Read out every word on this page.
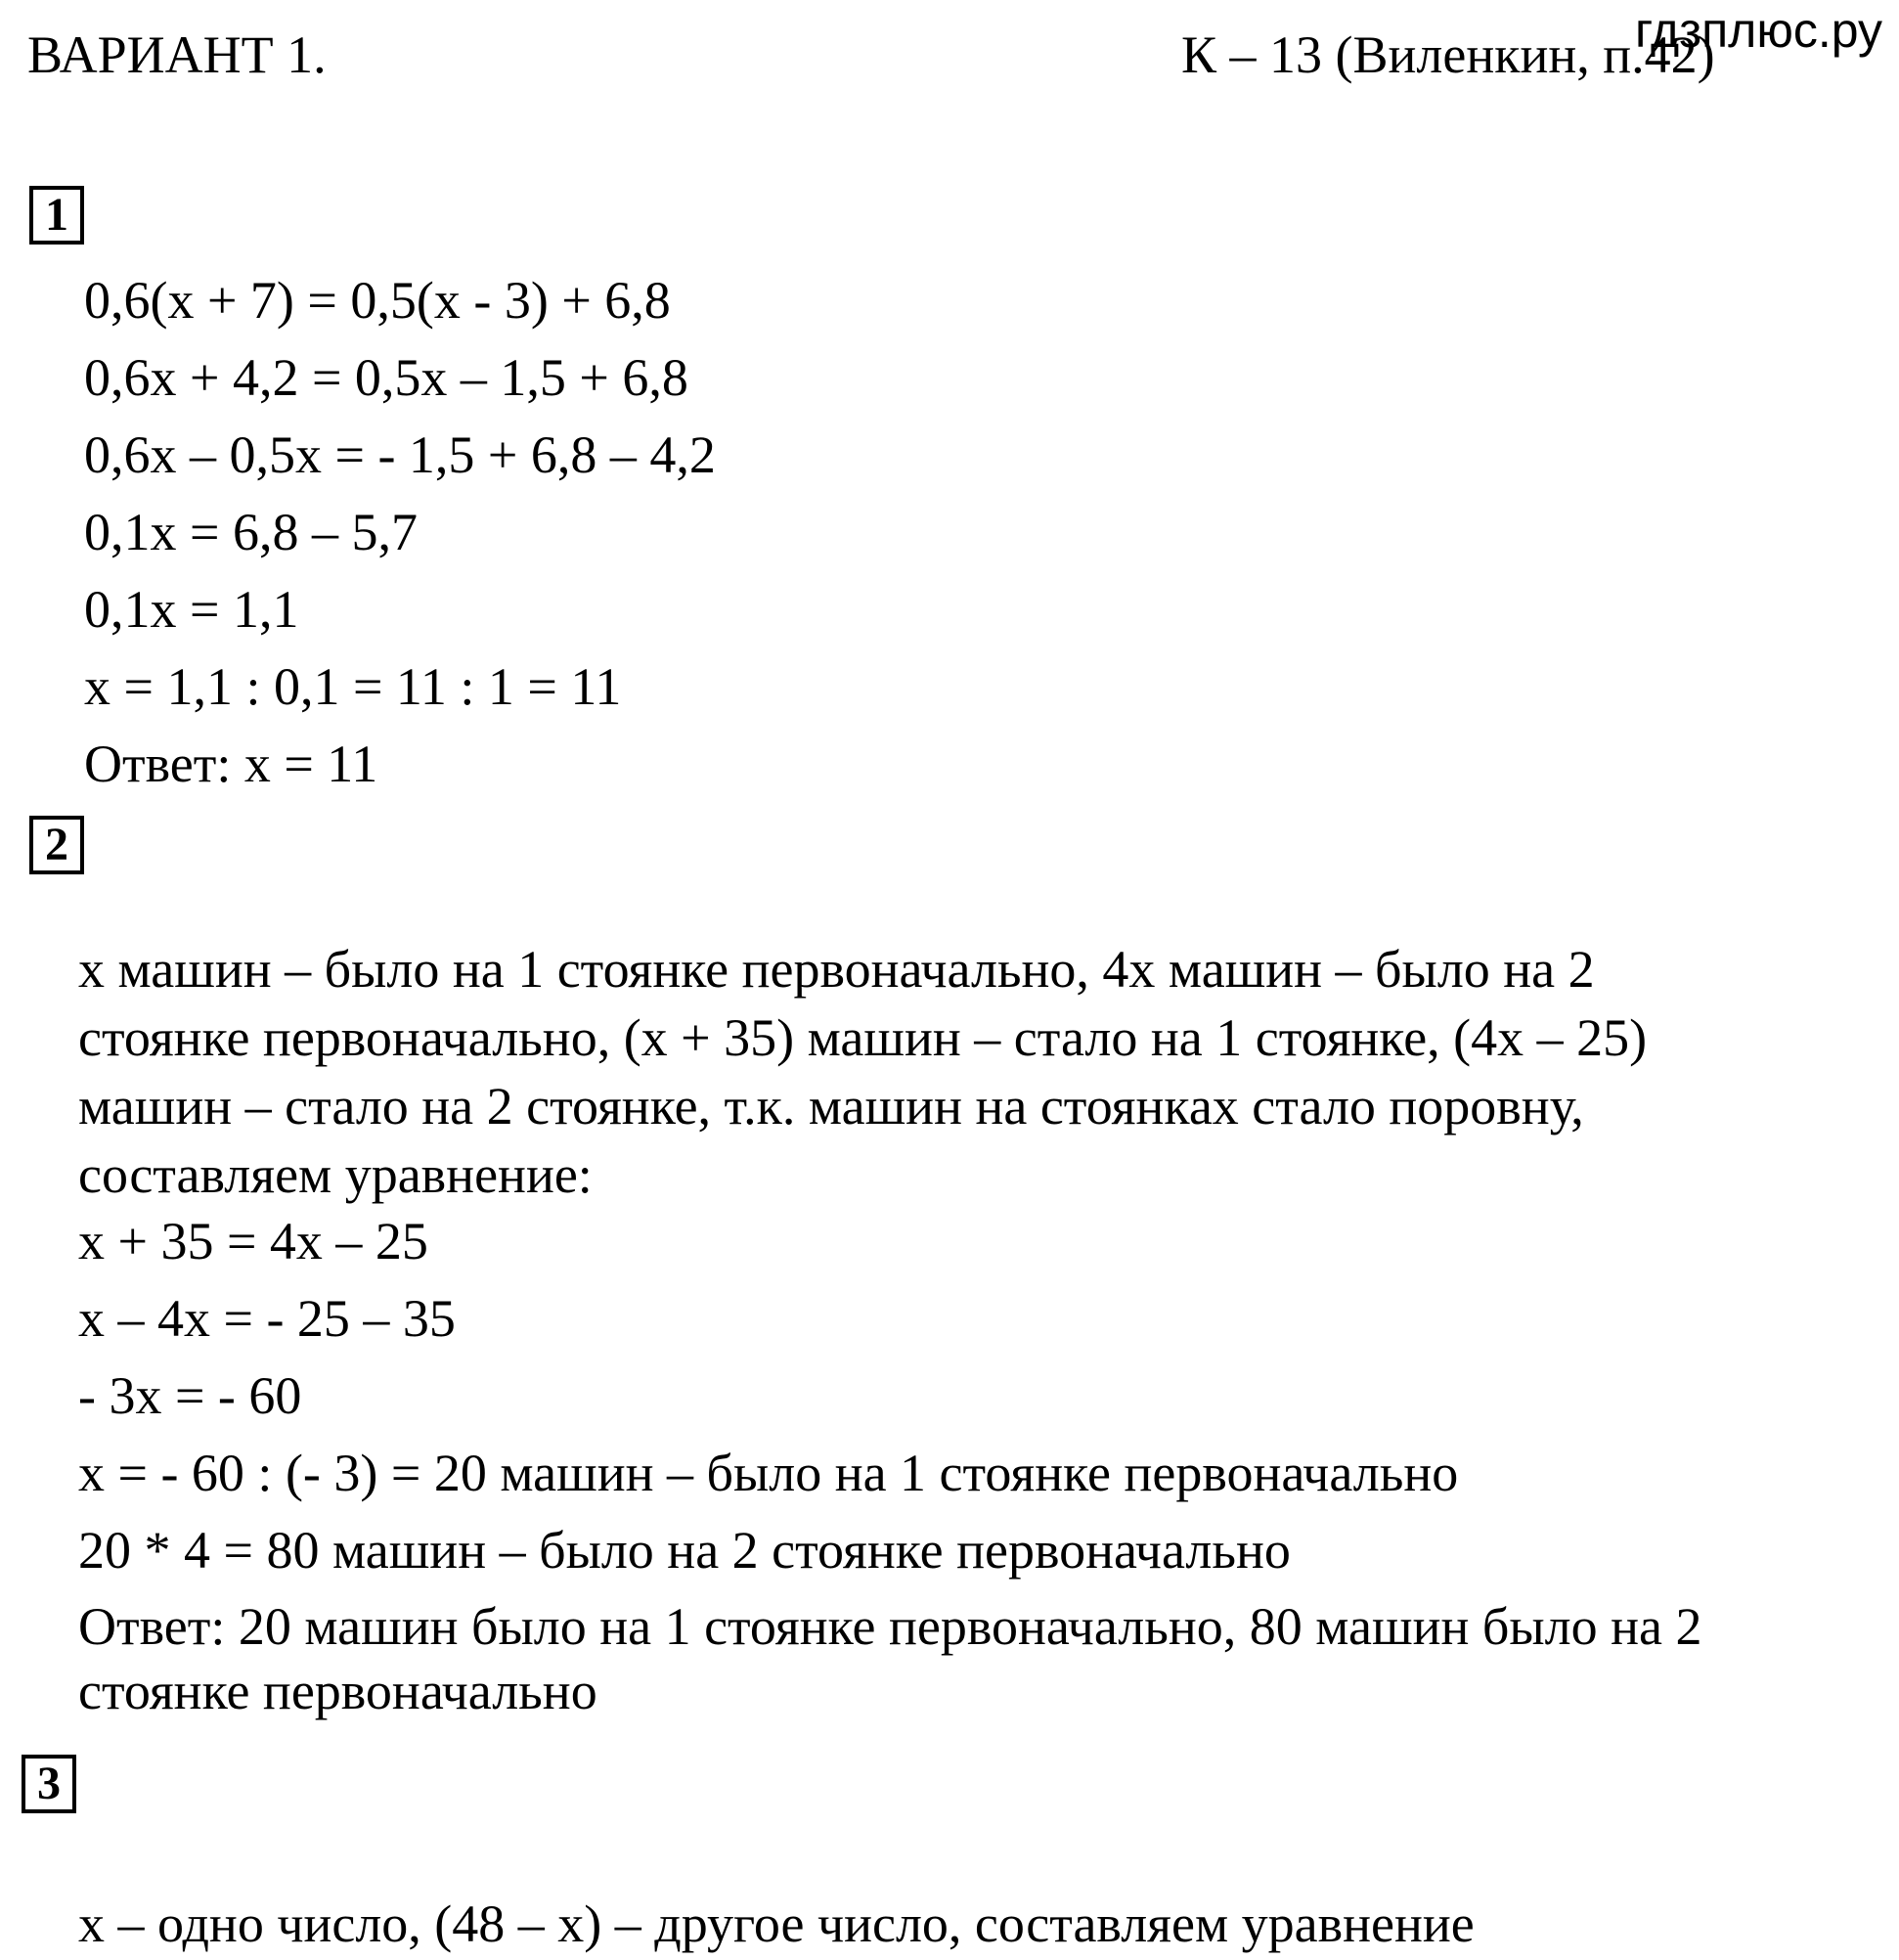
ВАРИАНТ 1.	К – 13 (Виленкин, п.42)
гдзплюс.ру
1
0,6(x + 7) = 0,5(x - 3) + 6,8
0,6x + 4,2 = 0,5x – 1,5 + 6,8
0,6x – 0,5x = - 1,5 + 6,8 – 4,2
0,1x = 6,8 – 5,7
0,1x = 1,1
x = 1,1 : 0,1 = 11 : 1 = 11
Ответ: x = 11
2
x машин – было на 1 стоянке первоначально, 4x машин – было на 2
стоянке первоначально, (x + 35) машин – стало на 1 стоянке, (4x – 25)
машин – стало на 2 стоянке, т.к. машин на стоянках стало поровну,
составляем уравнение:
x + 35 = 4x – 25
x – 4x = - 25 – 35
- 3x = - 60
x = - 60 : (- 3) = 20 машин – было на 1 стоянке первоначально
20 * 4 = 80 машин – было на 2 стоянке первоначально
Ответ: 20 машин было на 1 стоянке первоначально, 80 машин было на 2
стоянке первоначально
3
x – одно число, (48 – x) – другое число, составляем уравнение
